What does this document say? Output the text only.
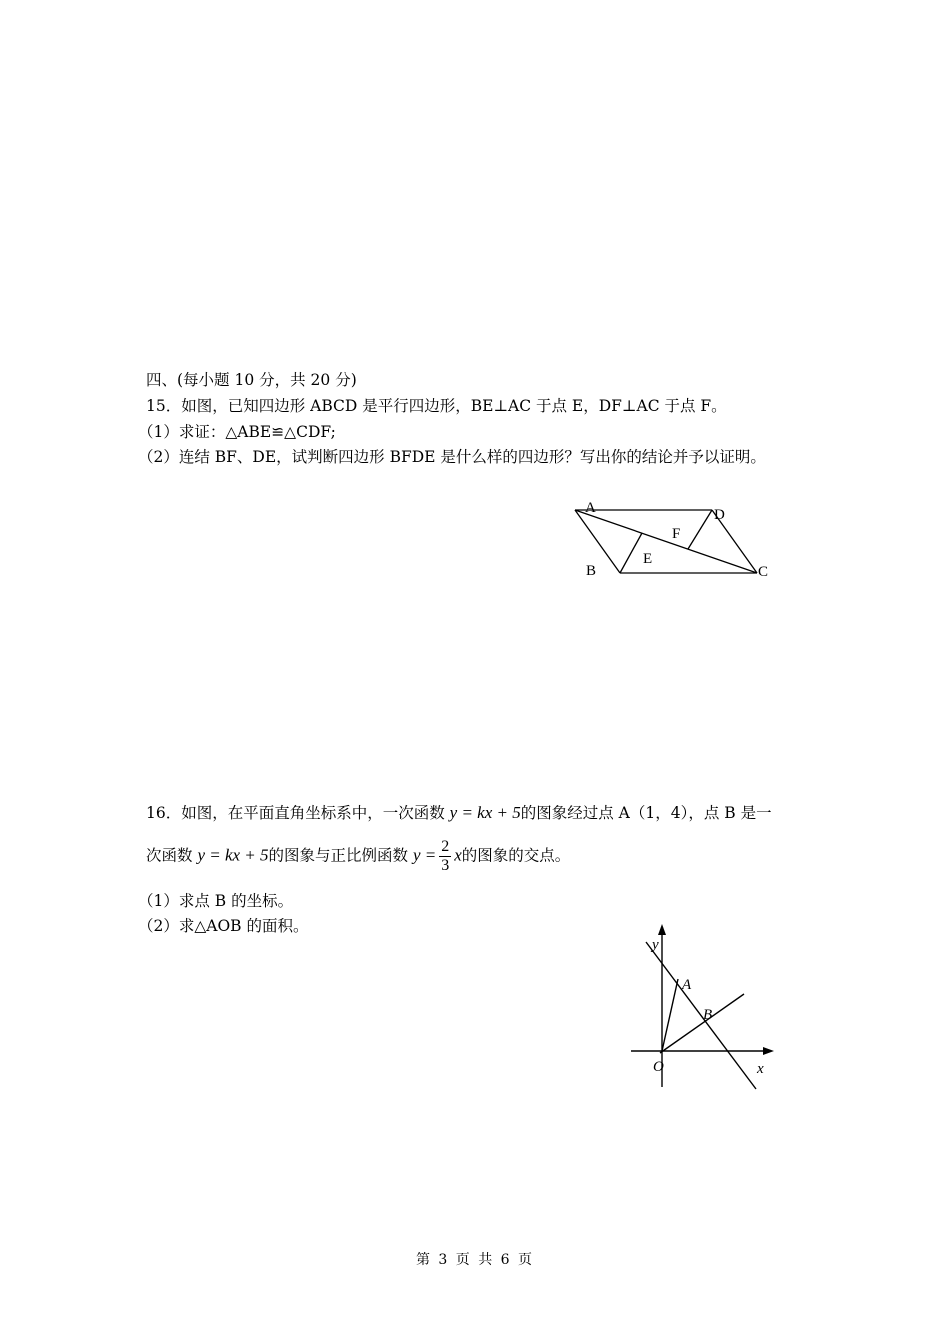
四、(每小题 10 分，共 20 分)
15．如图，已知四边形 ABCD 是平行四边形，BE⊥AC 于点 E，DF⊥AC 于点 F。
（1）求证：△ABE≌△CDF;
（2）连结 BF、DE，试判断四边形 BFDE 是什么样的四边形？写出你的结论并予以证明。
A	D
F
E
B	C
16．如图，在平面直角坐标系中，一次函数 y = kx + 5的图象经过点 A（1，4），点 B 是一
次函数 y = kx + 5的图象与正比例函数 $y = \frac{2}{3}$ x的图象的交点。
（1）求点 B 的坐标。
（2）求△AOB 的面积。
y
A
B
O	x
第 3 页 共 6 页
